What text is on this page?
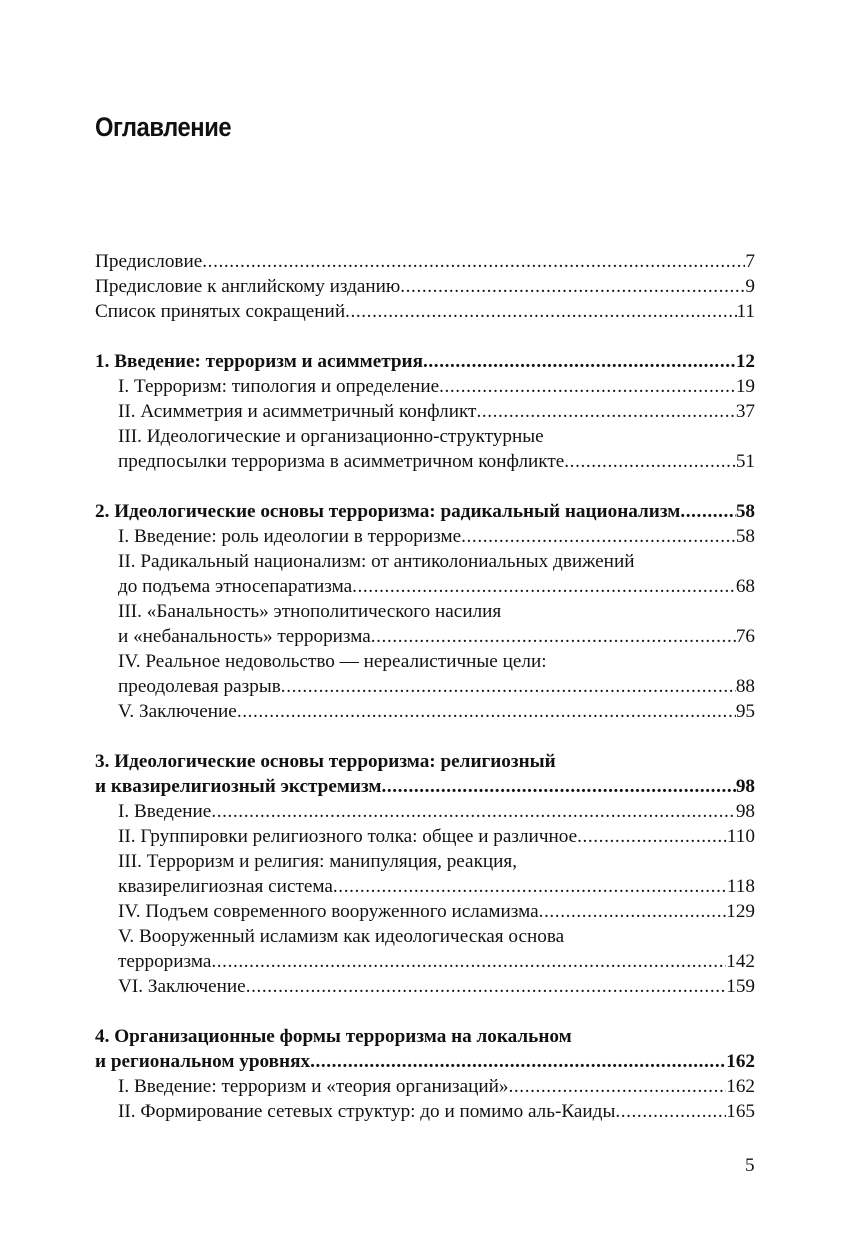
Оглавление
Предисловие .....	7
Предисловие к английскому изданию .....	9
Список принятых сокращений .....	11
1. Введение: терроризм и асимметрия .....	12
I. Терроризм: типология и определение .....	19
II. Асимметрия и асимметричный конфликт .....	37
III. Идеологические и организационно-структурные
предпосылки терроризма в асимметричном конфликте .....	51
2. Идеологические основы терроризма: радикальный национализм .....	58
I. Введение: роль идеологии в терроризме .....	58
II. Радикальный национализм: от антиколониальных движений
до подъема этносепаратизма .....	68
III. «Банальность» этнополитического насилия
и «небанальность» терроризма .....	76
IV. Реальное недовольство — нереалистичные цели:
преодолевая разрыв .....	88
V. Заключение .....	95
3. Идеологические основы терроризма: религиозный
и квазирелигиозный экстремизм .....	98
I. Введение .....	98
II. Группировки религиозного толка: общее и различное .....	110
III. Терроризм и религия: манипуляция, реакция,
квазирелигиозная система .....	118
IV. Подъем современного вооруженного исламизма .....	129
V. Вооруженный исламизм как идеологическая основа
терроризма .....	142
VI. Заключение .....	159
4. Организационные формы терроризма на локальном
и региональном уровнях .....	162
I. Введение: терроризм и «теория организаций» .....	162
II. Формирование сетевых структур: до и помимо аль-Каиды .....	165
5
